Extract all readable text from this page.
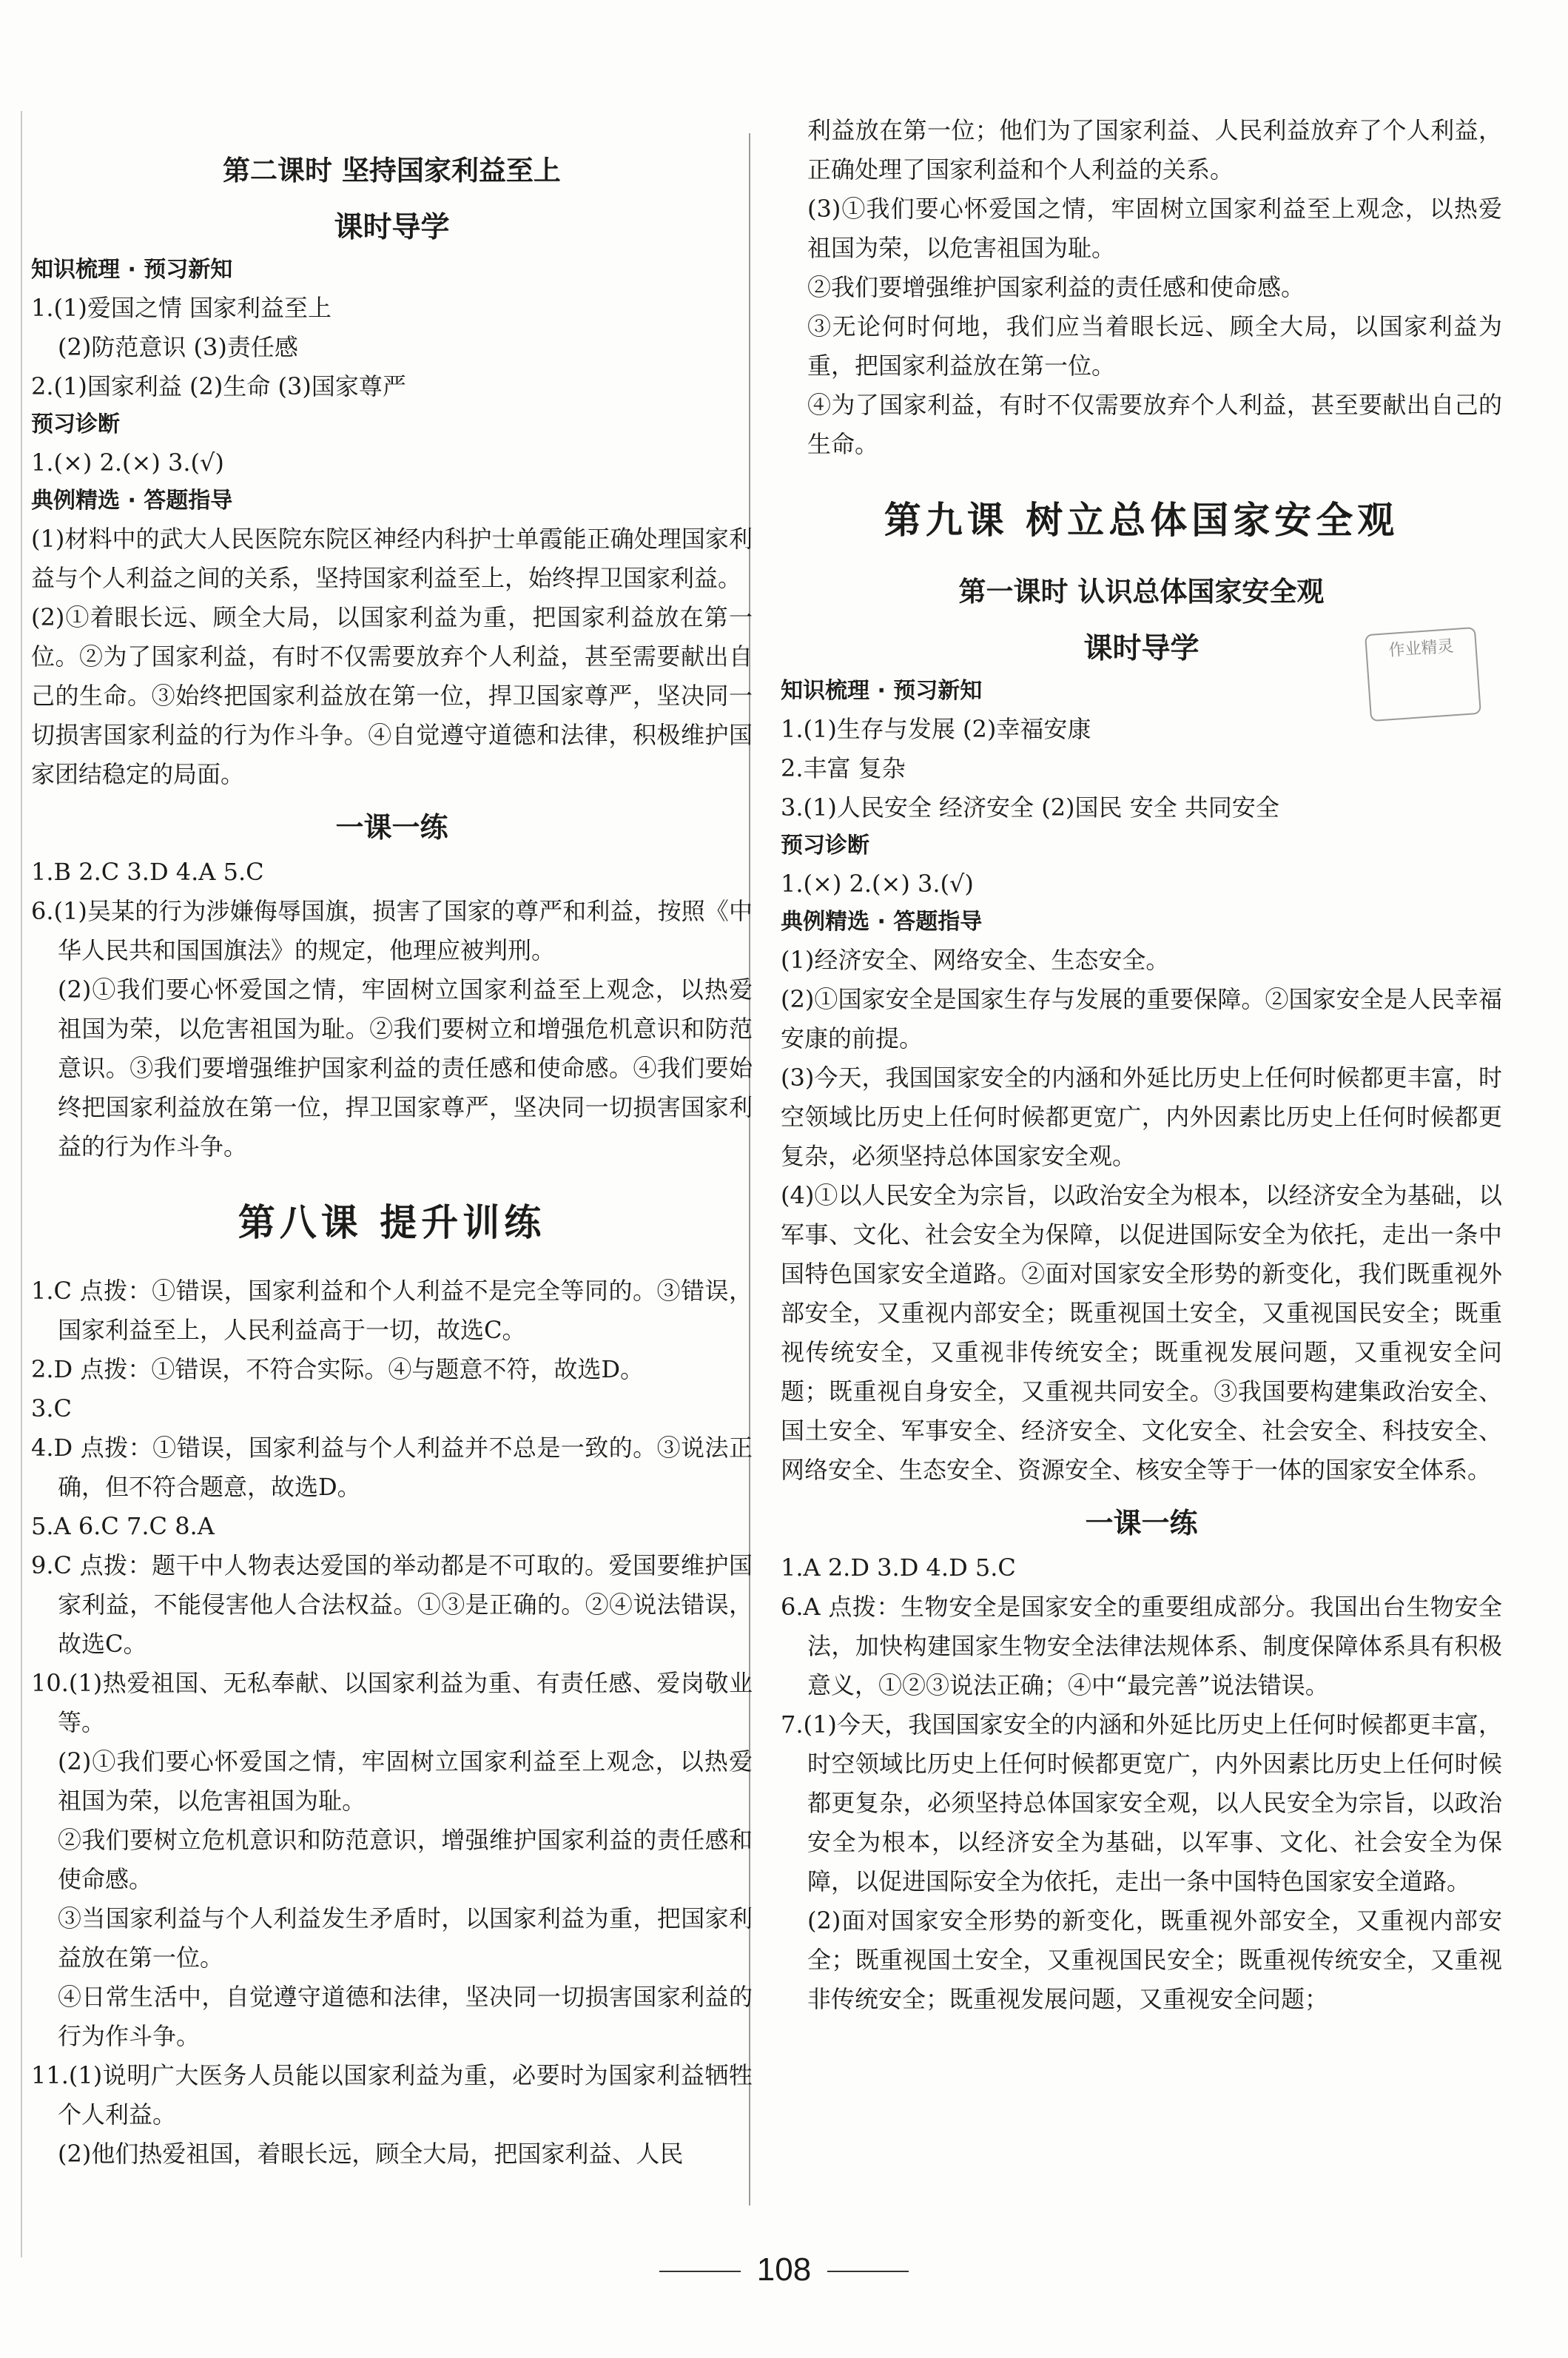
第二课时 坚持国家利益至上
课时导学
知识梳理 · 预习新知

1.(1)爱国之情 国家利益至上

(2)防范意识 (3)责任感

2.(1)国家利益 (2)生命 (3)国家尊严

预习诊断

1.(×) 2.(×) 3.(√)

典例精选 · 答题指导

(1)材料中的武大人民医院东院区神经内科护士单霞能正确处理国家利益与个人利益之间的关系，坚持国家利益至上，始终捍卫国家利益。

(2)①着眼长远、顾全大局，以国家利益为重，把国家利益放在第一位。②为了国家利益，有时不仅需要放弃个人利益，甚至需要献出自己的生命。③始终把国家利益放在第一位，捍卫国家尊严，坚决同一切损害国家利益的行为作斗争。④自觉遵守道德和法律，积极维护国家团结稳定的局面。

一课一练

1.B 2.C 3.D 4.A 5.C

6.(1)吴某的行为涉嫌侮辱国旗，损害了国家的尊严和利益，按照《中华人民共和国国旗法》的规定，他理应被判刑。

(2)①我们要心怀爱国之情，牢固树立国家利益至上观念，以热爱祖国为荣，以危害祖国为耻。②我们要树立和增强危机意识和防范意识。③我们要增强维护国家利益的责任感和使命感。④我们要始终把国家利益放在第一位，捍卫国家尊严，坚决同一切损害国家利益的行为作斗争。

第八课 提升训练

1.C 点拨：①错误，国家利益和个人利益不是完全等同的。③错误，国家利益至上，人民利益高于一切，故选C。

2.D 点拨：①错误，不符合实际。④与题意不符，故选D。

3.C

4.D 点拨：①错误，国家利益与个人利益并不总是一致的。③说法正确，但不符合题意，故选D。

5.A 6.C 7.C 8.A

9.C 点拨：题干中人物表达爱国的举动都是不可取的。爱国要维护国家利益，不能侵害他人合法权益。①③是正确的。②④说法错误，故选C。

10.(1)热爱祖国、无私奉献、以国家利益为重、有责任感、爱岗敬业等。

(2)①我们要心怀爱国之情，牢固树立国家利益至上观念，以热爱祖国为荣，以危害祖国为耻。

②我们要树立危机意识和防范意识，增强维护国家利益的责任感和使命感。

③当国家利益与个人利益发生矛盾时，以国家利益为重，把国家利益放在第一位。

④日常生活中，自觉遵守道德和法律，坚决同一切损害国家利益的行为作斗争。

11.(1)说明广大医务人员能以国家利益为重，必要时为国家利益牺牲个人利益。

(2)他们热爱祖国，着眼长远，顾全大局，把国家利益、人民

利益放在第一位；他们为了国家利益、人民利益放弃了个人利益，正确处理了国家利益和个人利益的关系。

(3)①我们要心怀爱国之情，牢固树立国家利益至上观念，以热爱祖国为荣，以危害祖国为耻。

②我们要增强维护国家利益的责任感和使命感。

③无论何时何地，我们应当着眼长远、顾全大局，以国家利益为重，把国家利益放在第一位。

④为了国家利益，有时不仅需要放弃个人利益，甚至要献出自己的生命。

第九课 树立总体国家安全观
第一课时 认识总体国家安全观
课时导学
知识梳理 · 预习新知

1.(1)生存与发展 (2)幸福安康

2.丰富 复杂

3.(1)人民安全 经济安全 (2)国民 安全 共同安全

预习诊断

1.(×) 2.(×) 3.(√)

典例精选 · 答题指导

(1)经济安全、网络安全、生态安全。

(2)①国家安全是国家生存与发展的重要保障。②国家安全是人民幸福安康的前提。

(3)今天，我国国家安全的内涵和外延比历史上任何时候都更丰富，时空领域比历史上任何时候都更宽广，内外因素比历史上任何时候都更复杂，必须坚持总体国家安全观。

(4)①以人民安全为宗旨，以政治安全为根本，以经济安全为基础，以军事、文化、社会安全为保障，以促进国际安全为依托，走出一条中国特色国家安全道路。②面对国家安全形势的新变化，我们既重视外部安全，又重视内部安全；既重视国土安全，又重视国民安全；既重视传统安全，又重视非传统安全；既重视发展问题，又重视安全问题；既重视自身安全，又重视共同安全。③我国要构建集政治安全、国土安全、军事安全、经济安全、文化安全、社会安全、科技安全、网络安全、生态安全、资源安全、核安全等于一体的国家安全体系。

一课一练

1.A 2.D 3.D 4.D 5.C

6.A 点拨：生物安全是国家安全的重要组成部分。我国出台生物安全法，加快构建国家生物安全法律法规体系、制度保障体系具有积极意义，①②③说法正确；④中“最完善”说法错误。

7.(1)今天，我国国家安全的内涵和外延比历史上任何时候都更丰富，时空领域比历史上任何时候都更宽广，内外因素比历史上任何时候都更复杂，必须坚持总体国家安全观，以人民安全为宗旨，以政治安全为根本，以经济安全为基础，以军事、文化、社会安全为保障，以促进国际安全为依托，走出一条中国特色国家安全道路。

(2)面对国家安全形势的新变化，既重视外部安全，又重视内部安全；既重视国土安全，又重视国民安全；既重视传统安全，又重视非传统安全；既重视发展问题，又重视安全问题；

作业精灵
108
